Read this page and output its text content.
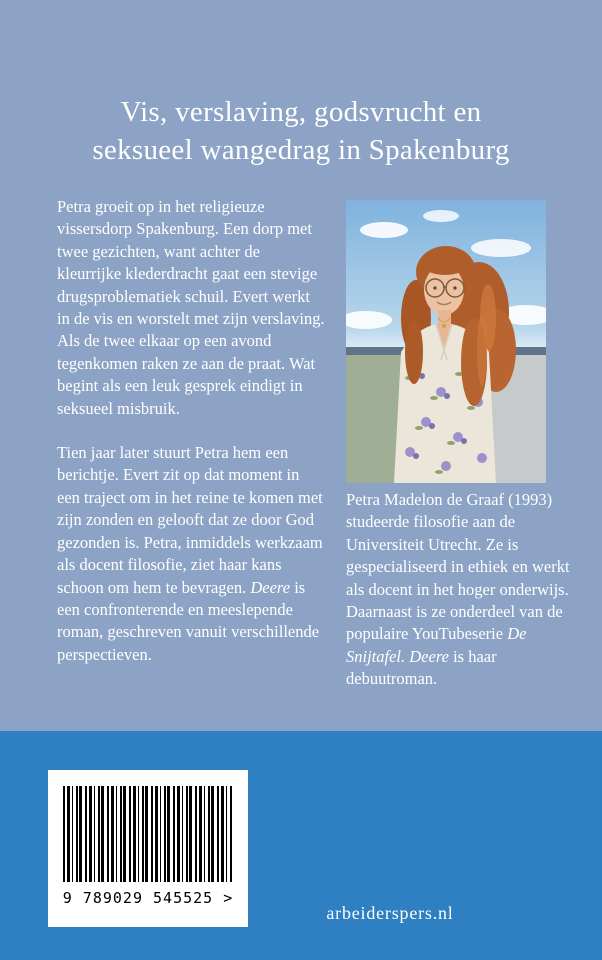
Vis, verslaving, godsvrucht en
seksueel wangedrag in Spakenburg

Petra groeit op in het religieuze vissersdorp Spakenburg. Een dorp met twee gezichten, want achter de kleurrijke klederdracht gaat een stevige drugsproblematiek schuil. Evert werkt in de vis en worstelt met zijn verslaving. Als de twee elkaar op een avond tegenkomen raken ze aan de praat. Wat begint als een leuk gesprek eindigt in seksueel misbruik.

Tien jaar later stuurt Petra hem een berichtje. Evert zit op dat moment in een traject om in het reine te komen met zijn zonden en gelooft dat ze door God gezonden is. Petra, inmiddels werkzaam als docent filosofie, ziet haar kans schoon om hem te bevragen. Deere is een confronterende en meeslepende roman, geschreven vanuit verschillende perspectieven.

Petra Madelon de Graaf (1993) studeerde filosofie aan de Universiteit Utrecht. Ze is gespecialiseerd in ethiek en werkt als docent in het hoger onderwijs. Daarnaast is ze onderdeel van de populaire YouTubeserie De Snijtafel. Deere is haar debuutroman.
9 789029 545525 >
arbeiderspers.nl
